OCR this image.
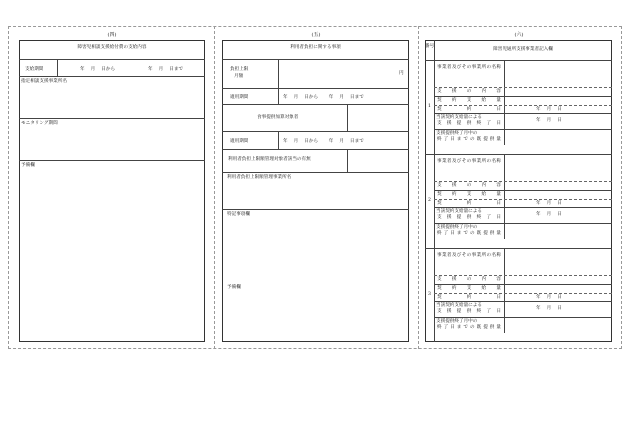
(四)	(五)	(六)
障害児相談支援給付費の支給内容
支給期間	年　 月　 日から	年　 月　 日まで
指定相談支援事業所名
モニタリング期間
予備欄
利用者負担に関する事項
負担上限
月額
円
適用期間	年　 月　 日から　　 年　 月　 日まで
食事提供加算対象者
適用期間	年　 月　 日から　　 年　 月　 日まで
利用者負担上限額管理対象者該当の有無
利用者負担上限額管理事業所名
特記事項欄
予備欄
番号
障害児通所支援事業者記入欄
1
事業者及びその事業所の名称
支援の内容
契約支給量
契約日	年　 月　 日
当該契約支給量による
支援提供終了日
年　 月　 日
支援提供終了月中の
終了日までの既提供量
2
事業者及びその事業所の名称
支援の内容
契約支給量
契約日	年　 月　 日
当該契約支給量による
支援提供終了日
年　 月　 日
支援提供終了月中の
終了日までの既提供量
3
事業者及びその事業所の名称
支援の内容
契約支給量
契約日	年　 月　 日
当該契約支給量による
支援提供終了日
年　 月　 日
支援提供終了月中の
終了日までの既提供量
